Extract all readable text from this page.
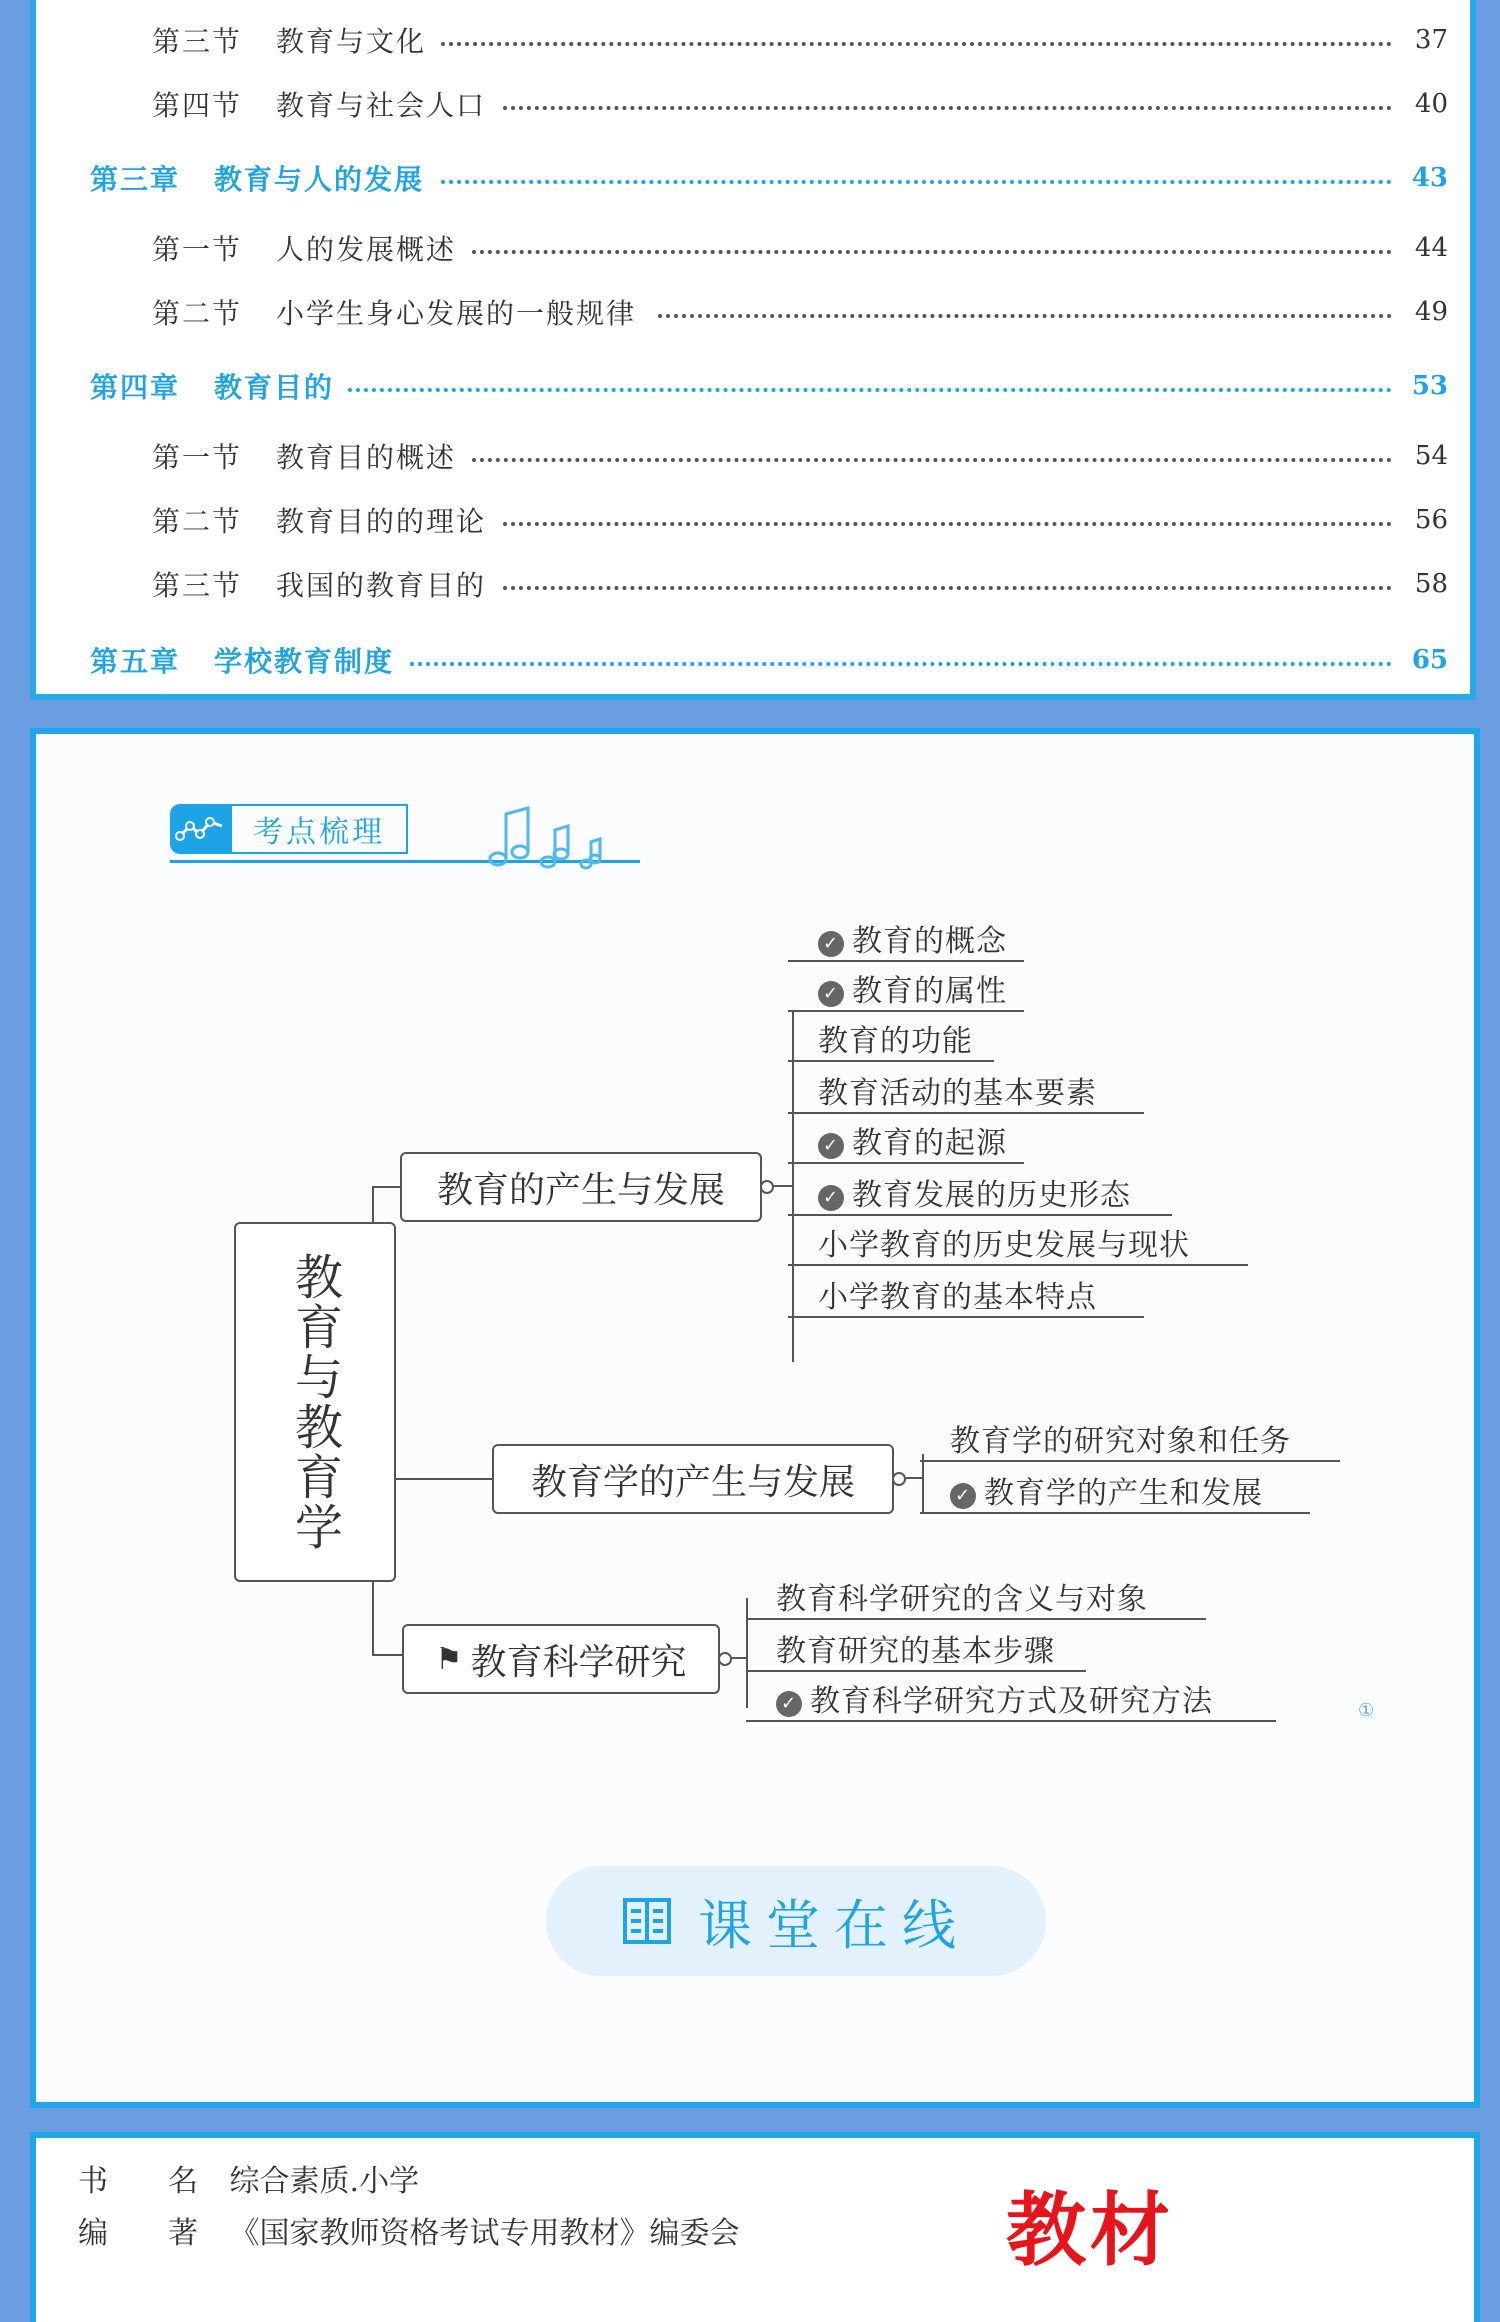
第三节 教育与文化	37
第四节 教育与社会人口	40
第三章 教育与人的发展	43
第一节 人的发展概述	44
第二节 小学生身心发展的一般规律	49
第四章 教育目的	53
第一节 教育目的概述	54
第二节 教育目的的理论	56
第三节 我国的教育目的	58
第五章 学校教育制度	65
考点梳理
教育与教育学
教育的产生与发展
教育学的产生与发展
⚑ 教育科学研究
①
课堂在线
✓ 教育的概念
✓ 教育的属性
教育的功能
教育活动的基本要素
✓ 教育的起源
✓ 教育发展的历史形态
小学教育的历史发展与现状
小学教育的基本特点
教育学的研究对象和任务
✓ 教育学的产生和发展
教育科学研究的含义与对象
教育研究的基本步骤
✓ 教育科学研究方式及研究方法
书　　名 综合素质.小学
编　　著 《国家教师资格考试专用教材》编委会	教材
